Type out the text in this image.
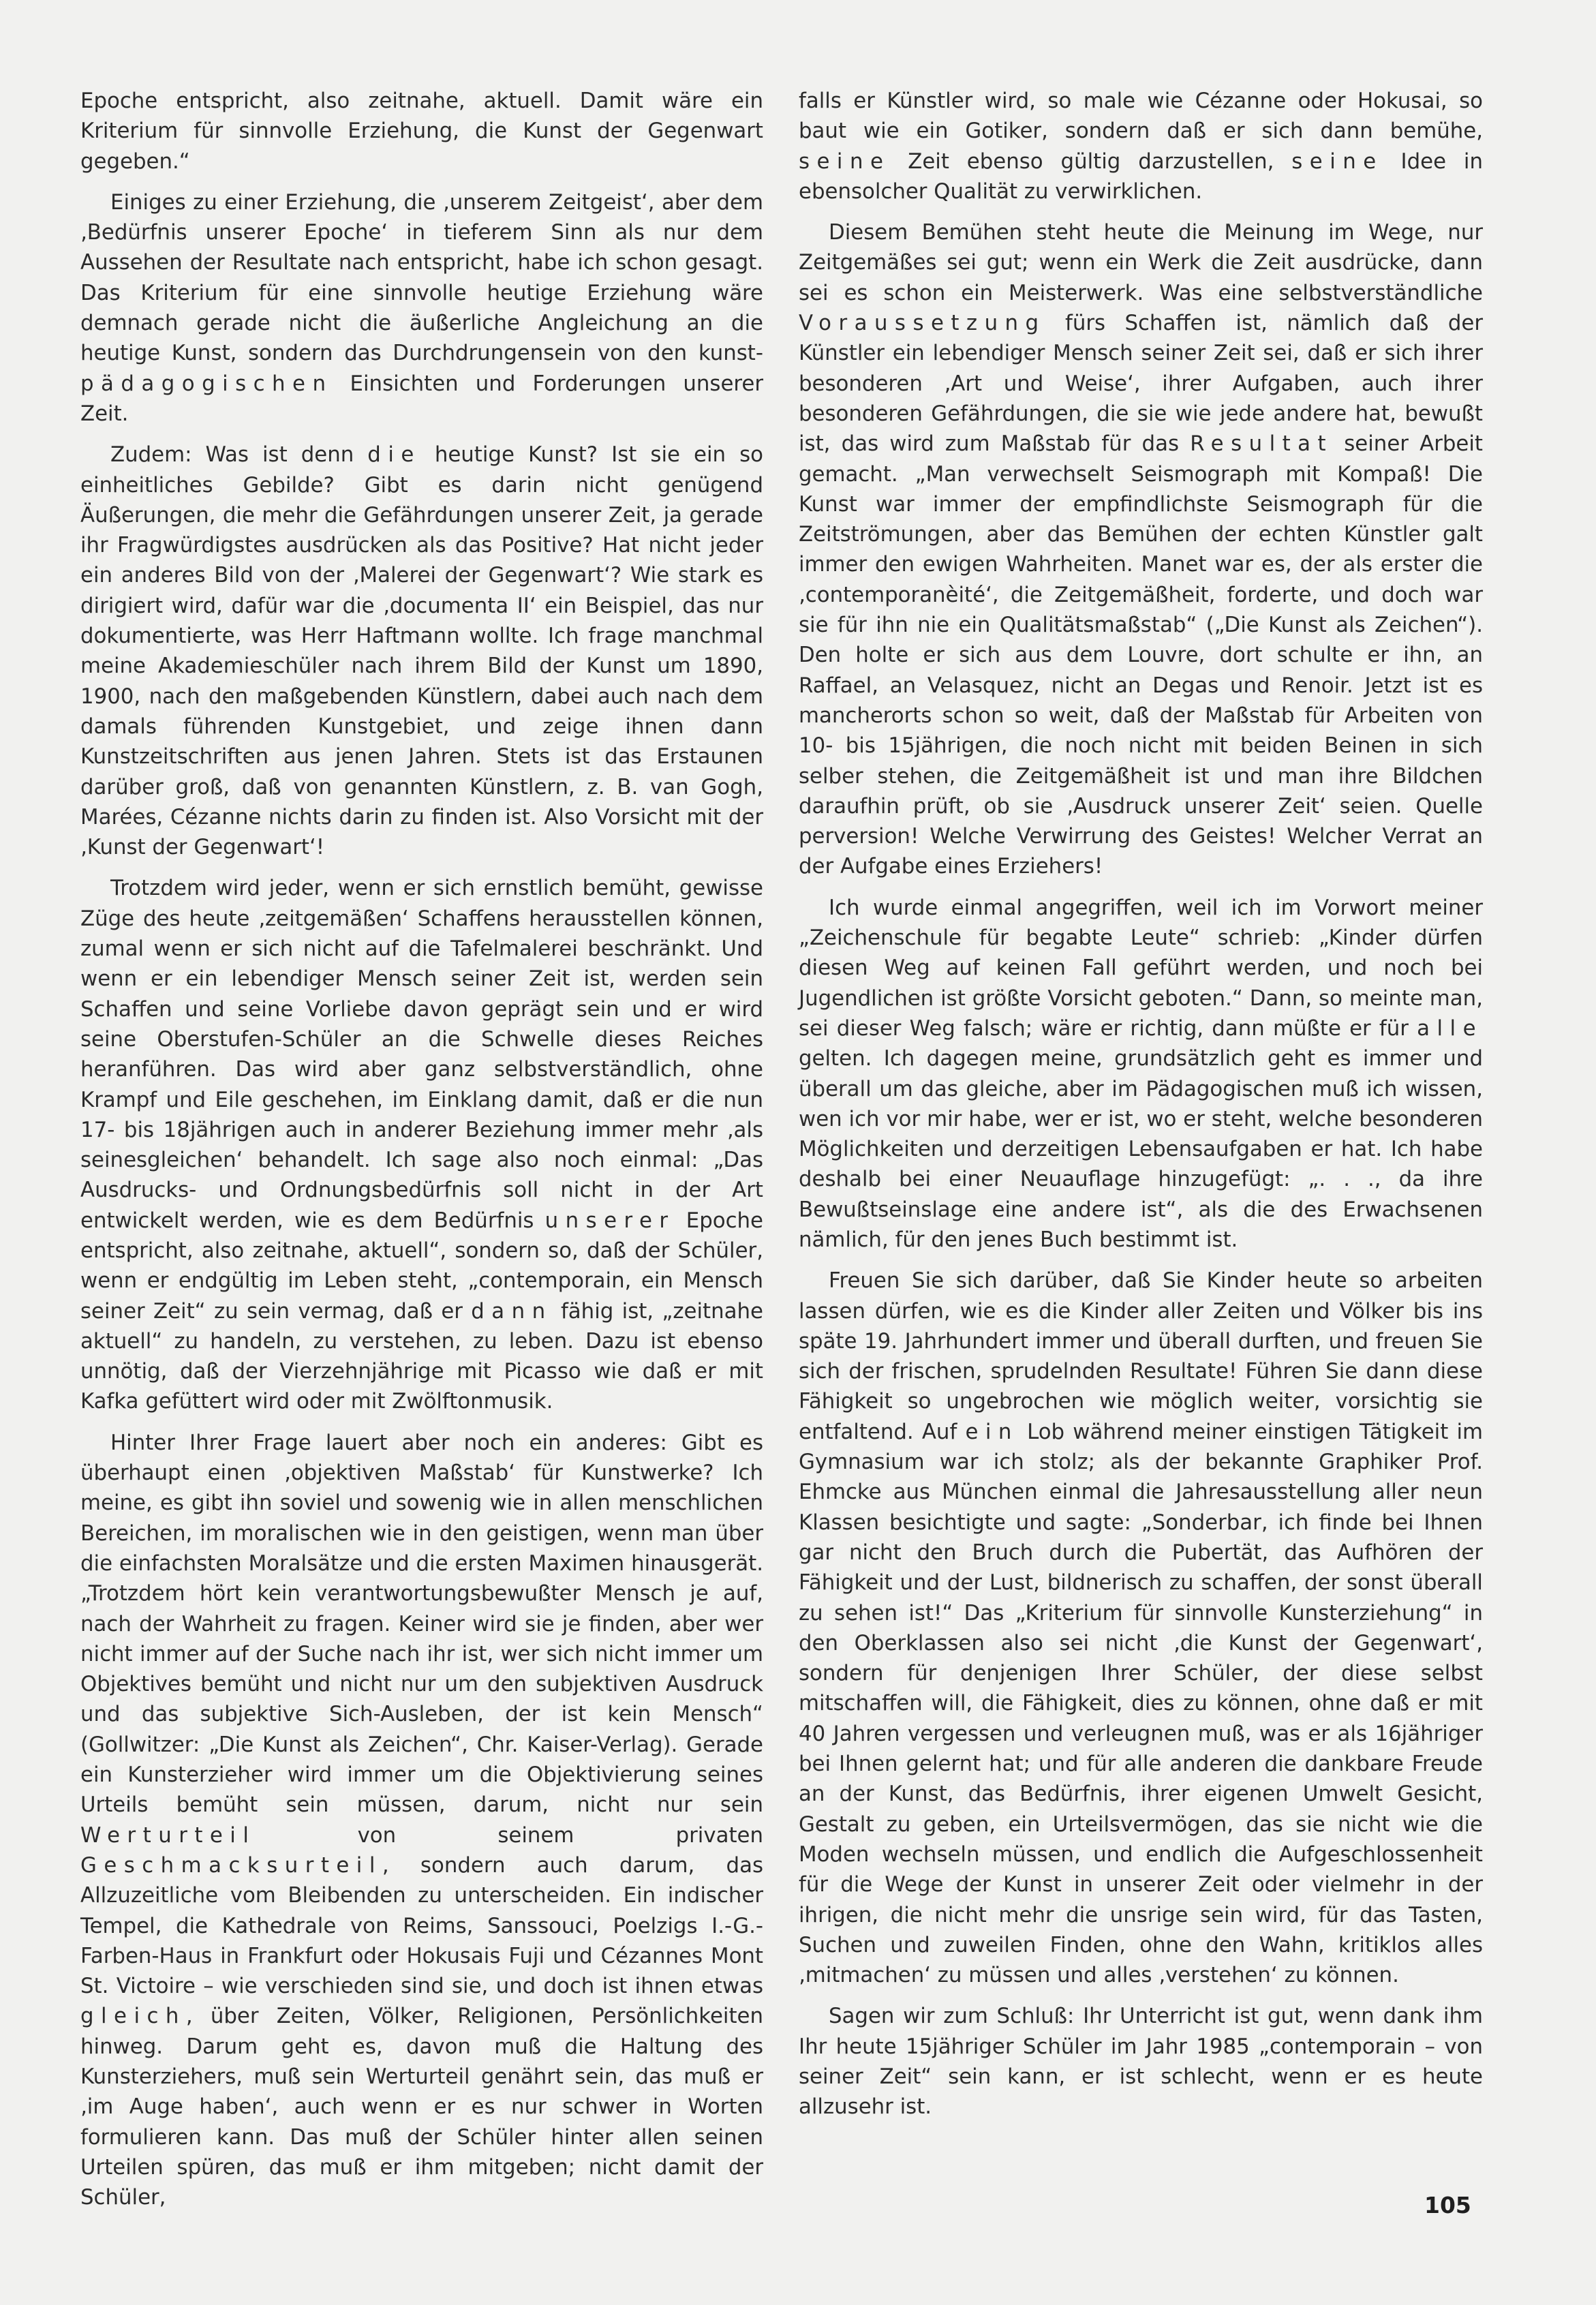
Epoche entspricht, also zeitnahe, aktuell. Damit wäre ein Kriterium für sinnvolle Erziehung, die Kunst der Gegenwart gegeben.“

Einiges zu einer Erziehung, die ‚unserem Zeitgeist‘, aber dem ‚Bedürfnis unserer Epoche‘ in tieferem Sinn als nur dem Aussehen der Resultate nach entspricht, habe ich schon gesagt. Das Kriterium für eine sinnvolle heutige Erziehung wäre demnach gerade nicht die äußerliche Angleichung an die heutige Kunst, sondern das Durchdrungensein von den kunst-pädagogischen Einsichten und Forderungen unserer Zeit.

Zudem: Was ist denn die heutige Kunst? Ist sie ein so einheitliches Gebilde? Gibt es darin nicht genügend Äußerungen, die mehr die Gefährdungen unserer Zeit, ja gerade ihr Fragwürdigstes ausdrücken als das Positive? Hat nicht jeder ein anderes Bild von der ‚Malerei der Gegenwart‘? Wie stark es dirigiert wird, dafür war die ‚documenta II‘ ein Beispiel, das nur dokumentierte, was Herr Haftmann wollte. Ich frage manchmal meine Akademieschüler nach ihrem Bild der Kunst um 1890, 1900, nach den maßgebenden Künstlern, dabei auch nach dem damals führenden Kunstgebiet, und zeige ihnen dann Kunstzeitschriften aus jenen Jahren. Stets ist das Erstaunen darüber groß, daß von genannten Künstlern, z. B. van Gogh, Marées, Cézanne nichts darin zu finden ist. Also Vorsicht mit der ‚Kunst der Gegenwart‘!

Trotzdem wird jeder, wenn er sich ernstlich bemüht, gewisse Züge des heute ‚zeitgemäßen‘ Schaffens herausstellen können, zumal wenn er sich nicht auf die Tafelmalerei beschränkt. Und wenn er ein lebendiger Mensch seiner Zeit ist, werden sein Schaffen und seine Vorliebe davon geprägt sein und er wird seine Oberstufen-Schüler an die Schwelle dieses Reiches heranführen. Das wird aber ganz selbstverständlich, ohne Krampf und Eile geschehen, im Einklang damit, daß er die nun 17- bis 18jährigen auch in anderer Beziehung immer mehr ‚als seinesgleichen‘ behandelt. Ich sage also noch einmal: „Das Ausdrucks- und Ordnungsbedürfnis soll nicht in der Art entwickelt werden, wie es dem Bedürfnis unserer Epoche entspricht, also zeitnahe, aktuell“, sondern so, daß der Schüler, wenn er endgültig im Leben steht, „contemporain, ein Mensch seiner Zeit“ zu sein vermag, daß er dann fähig ist, „zeitnahe aktuell“ zu handeln, zu verstehen, zu leben. Dazu ist ebenso unnötig, daß der Vierzehnjährige mit Picasso wie daß er mit Kafka gefüttert wird oder mit Zwölftonmusik.

Hinter Ihrer Frage lauert aber noch ein anderes: Gibt es überhaupt einen ‚objektiven Maßstab‘ für Kunstwerke? Ich meine, es gibt ihn soviel und sowenig wie in allen menschlichen Bereichen, im moralischen wie in den geistigen, wenn man über die einfachsten Moralsätze und die ersten Maximen hinausgerät. „Trotzdem hört kein verantwortungsbewußter Mensch je auf, nach der Wahrheit zu fragen. Keiner wird sie je finden, aber wer nicht immer auf der Suche nach ihr ist, wer sich nicht immer um Objektives bemüht und nicht nur um den subjektiven Ausdruck und das subjektive Sich-Ausleben, der ist kein Mensch“ (Gollwitzer: „Die Kunst als Zeichen“, Chr. Kaiser-Verlag). Gerade ein Kunsterzieher wird immer um die Objektivierung seines Urteils bemüht sein müssen, darum, nicht nur sein Werturteil von seinem privaten Geschmacksurteil, sondern auch darum, das Allzuzeitliche vom Bleibenden zu unterscheiden. Ein indischer Tempel, die Kathedrale von Reims, Sanssouci, Poelzigs I.-G.-Farben-Haus in Frankfurt oder Hokusais Fuji und Cézannes Mont St. Victoire – wie verschieden sind sie, und doch ist ihnen etwas gleich, über Zeiten, Völker, Religionen, Persönlichkeiten hinweg. Darum geht es, davon muß die Haltung des Kunsterziehers, muß sein Werturteil genährt sein, das muß er ‚im Auge haben‘, auch wenn er es nur schwer in Worten formulieren kann. Das muß der Schüler hinter allen seinen Urteilen spüren, das muß er ihm mitgeben; nicht damit der Schüler,

falls er Künstler wird, so male wie Cézanne oder Hokusai, so baut wie ein Gotiker, sondern daß er sich dann bemühe, seine Zeit ebenso gültig darzustellen, seine Idee in ebensolcher Qualität zu verwirklichen.

Diesem Bemühen steht heute die Meinung im Wege, nur Zeitgemäßes sei gut; wenn ein Werk die Zeit ausdrücke, dann sei es schon ein Meisterwerk. Was eine selbstverständliche Voraussetzung fürs Schaffen ist, nämlich daß der Künstler ein lebendiger Mensch seiner Zeit sei, daß er sich ihrer besonderen ‚Art und Weise‘, ihrer Aufgaben, auch ihrer besonderen Gefährdungen, die sie wie jede andere hat, bewußt ist, das wird zum Maßstab für das Resultat seiner Arbeit gemacht. „Man verwechselt Seismograph mit Kompaß! Die Kunst war immer der empfindlichste Seismograph für die Zeitströmungen, aber das Bemühen der echten Künstler galt immer den ewigen Wahrheiten. Manet war es, der als erster die ‚contemporanèité‘, die Zeitgemäßheit, forderte, und doch war sie für ihn nie ein Qualitätsmaßstab“ („Die Kunst als Zeichen“). Den holte er sich aus dem Louvre, dort schulte er ihn, an Raffael, an Velasquez, nicht an Degas und Renoir. Jetzt ist es mancherorts schon so weit, daß der Maßstab für Arbeiten von 10- bis 15jährigen, die noch nicht mit beiden Beinen in sich selber stehen, die Zeitgemäßheit ist und man ihre Bildchen daraufhin prüft, ob sie ‚Ausdruck unserer Zeit‘ seien. Quelle perversion! Welche Verwirrung des Geistes! Welcher Verrat an der Aufgabe eines Erziehers!

Ich wurde einmal angegriffen, weil ich im Vorwort meiner „Zeichenschule für begabte Leute“ schrieb: „Kinder dürfen diesen Weg auf keinen Fall geführt werden, und noch bei Jugendlichen ist größte Vorsicht geboten.“ Dann, so meinte man, sei dieser Weg falsch; wäre er richtig, dann müßte er für alle gelten. Ich dagegen meine, grundsätzlich geht es immer und überall um das gleiche, aber im Pädagogischen muß ich wissen, wen ich vor mir habe, wer er ist, wo er steht, welche besonderen Möglichkeiten und derzeitigen Lebensaufgaben er hat. Ich habe deshalb bei einer Neuauflage hinzugefügt: „. . ., da ihre Bewußtseinslage eine andere ist“, als die des Erwachsenen nämlich, für den jenes Buch bestimmt ist.

Freuen Sie sich darüber, daß Sie Kinder heute so arbeiten lassen dürfen, wie es die Kinder aller Zeiten und Völker bis ins späte 19. Jahrhundert immer und überall durften, und freuen Sie sich der frischen, sprudelnden Resultate! Führen Sie dann diese Fähigkeit so ungebrochen wie möglich weiter, vorsichtig sie entfaltend. Auf ein Lob während meiner einstigen Tätigkeit im Gymnasium war ich stolz; als der bekannte Graphiker Prof. Ehmcke aus München einmal die Jahresausstellung aller neun Klassen besichtigte und sagte: „Sonderbar, ich finde bei Ihnen gar nicht den Bruch durch die Pubertät, das Aufhören der Fähigkeit und der Lust, bildnerisch zu schaffen, der sonst überall zu sehen ist!“ Das „Kriterium für sinnvolle Kunsterziehung“ in den Oberklassen also sei nicht ‚die Kunst der Gegenwart‘, sondern für denjenigen Ihrer Schüler, der diese selbst mitschaffen will, die Fähigkeit, dies zu können, ohne daß er mit 40 Jahren vergessen und verleugnen muß, was er als 16jähriger bei Ihnen gelernt hat; und für alle anderen die dankbare Freude an der Kunst, das Bedürfnis, ihrer eigenen Umwelt Gesicht, Gestalt zu geben, ein Urteilsvermögen, das sie nicht wie die Moden wechseln müssen, und endlich die Aufgeschlossenheit für die Wege der Kunst in unserer Zeit oder vielmehr in der ihrigen, die nicht mehr die unsrige sein wird, für das Tasten, Suchen und zuweilen Finden, ohne den Wahn, kritiklos alles ‚mitmachen‘ zu müssen und alles ‚verstehen‘ zu können.

Sagen wir zum Schluß: Ihr Unterricht ist gut, wenn dank ihm Ihr heute 15jähriger Schüler im Jahr 1985 „contemporain – von seiner Zeit“ sein kann, er ist schlecht, wenn er es heute allzusehr ist.

105
